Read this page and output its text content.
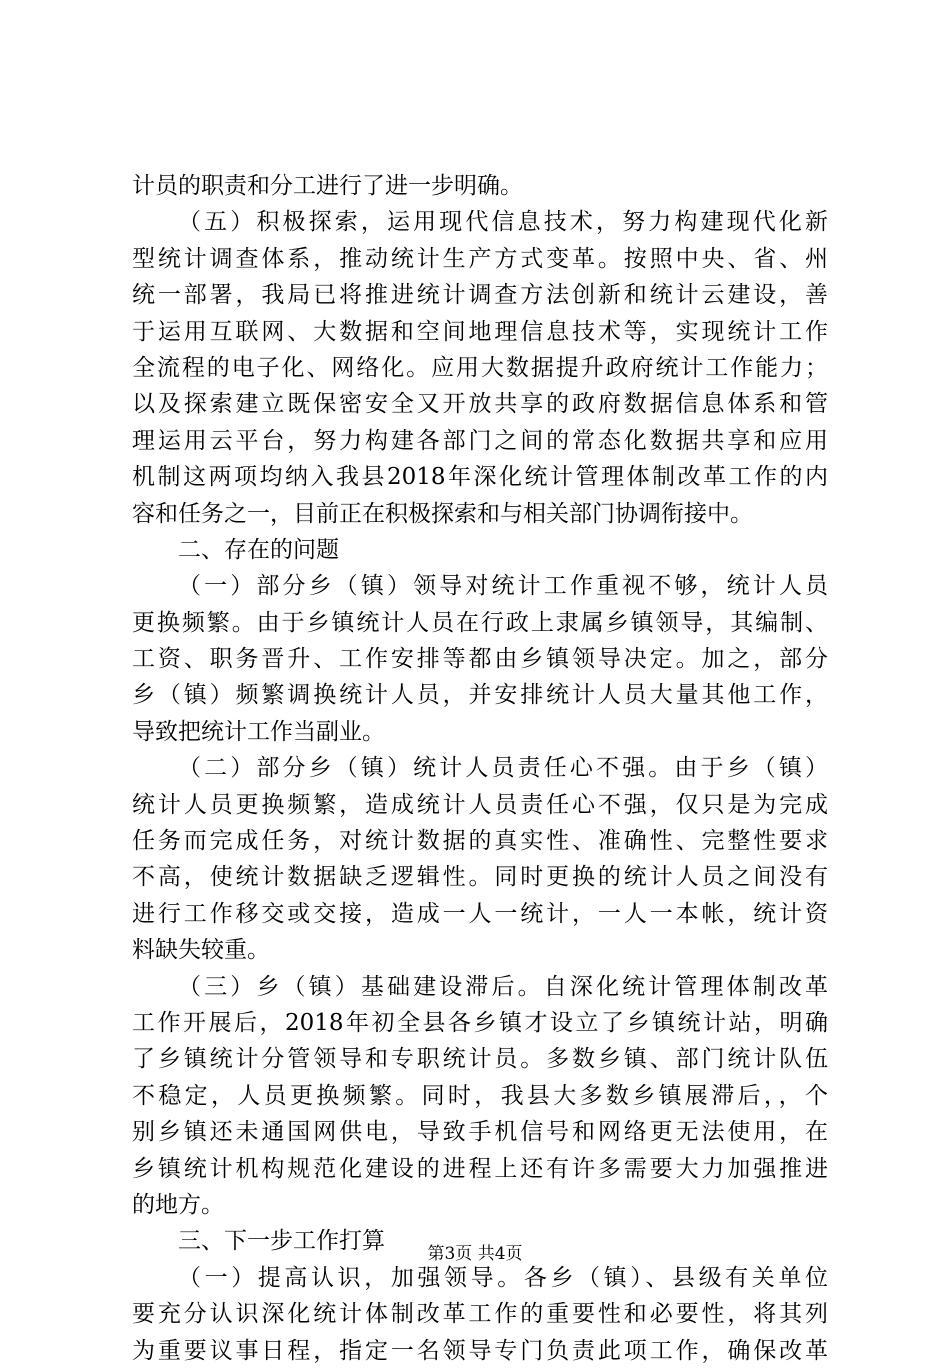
计员的职责和分工进行了进一步明确。
（五）积极探索，运用现代信息技术，努力构建现代化新
型统计调查体系，推动统计生产方式变革。按照中央、省、州
统一部署，我局已将推进统计调查方法创新和统计云建设，善
于运用互联网、大数据和空间地理信息技术等，实现统计工作
全流程的电子化、网络化。应用大数据提升政府统计工作能力；
以及探索建立既保密安全又开放共享的政府数据信息体系和管
理运用云平台，努力构建各部门之间的常态化数据共享和应用
机制这两项均纳入我县2018年深化统计管理体制改革工作的内
容和任务之一，目前正在积极探索和与相关部门协调衔接中。
二、存在的问题
（一）部分乡（镇）领导对统计工作重视不够，统计人员
更换频繁。由于乡镇统计人员在行政上隶属乡镇领导，其编制、
工资、职务晋升、工作安排等都由乡镇领导决定。加之，部分
乡（镇）频繁调换统计人员，并安排统计人员大量其他工作，
导致把统计工作当副业。
（二）部分乡（镇）统计人员责任心不强。由于乡（镇）
统计人员更换频繁，造成统计人员责任心不强，仅只是为完成
任务而完成任务，对统计数据的真实性、准确性、完整性要求
不高，使统计数据缺乏逻辑性。同时更换的统计人员之间没有
进行工作移交或交接，造成一人一统计，一人一本帐，统计资
料缺失较重。
（三）乡（镇）基础建设滞后。自深化统计管理体制改革
工作开展后，2018年初全县各乡镇才设立了乡镇统计站，明确
了乡镇统计分管领导和专职统计员。多数乡镇、部门统计队伍
不稳定，人员更换频繁。同时，我县大多数乡镇展滞后，，个
别乡镇还未通国网供电，导致手机信号和网络更无法使用，在
乡镇统计机构规范化建设的进程上还有许多需要大力加强推进
的地方。
三、下一步工作打算
（一）提高认识，加强领导。各乡（镇）、县级有关单位
要充分认识深化统计体制改革工作的重要性和必要性，将其列
为重要议事日程，指定一名领导专门负责此项工作，确保改革
第3页 共4页
